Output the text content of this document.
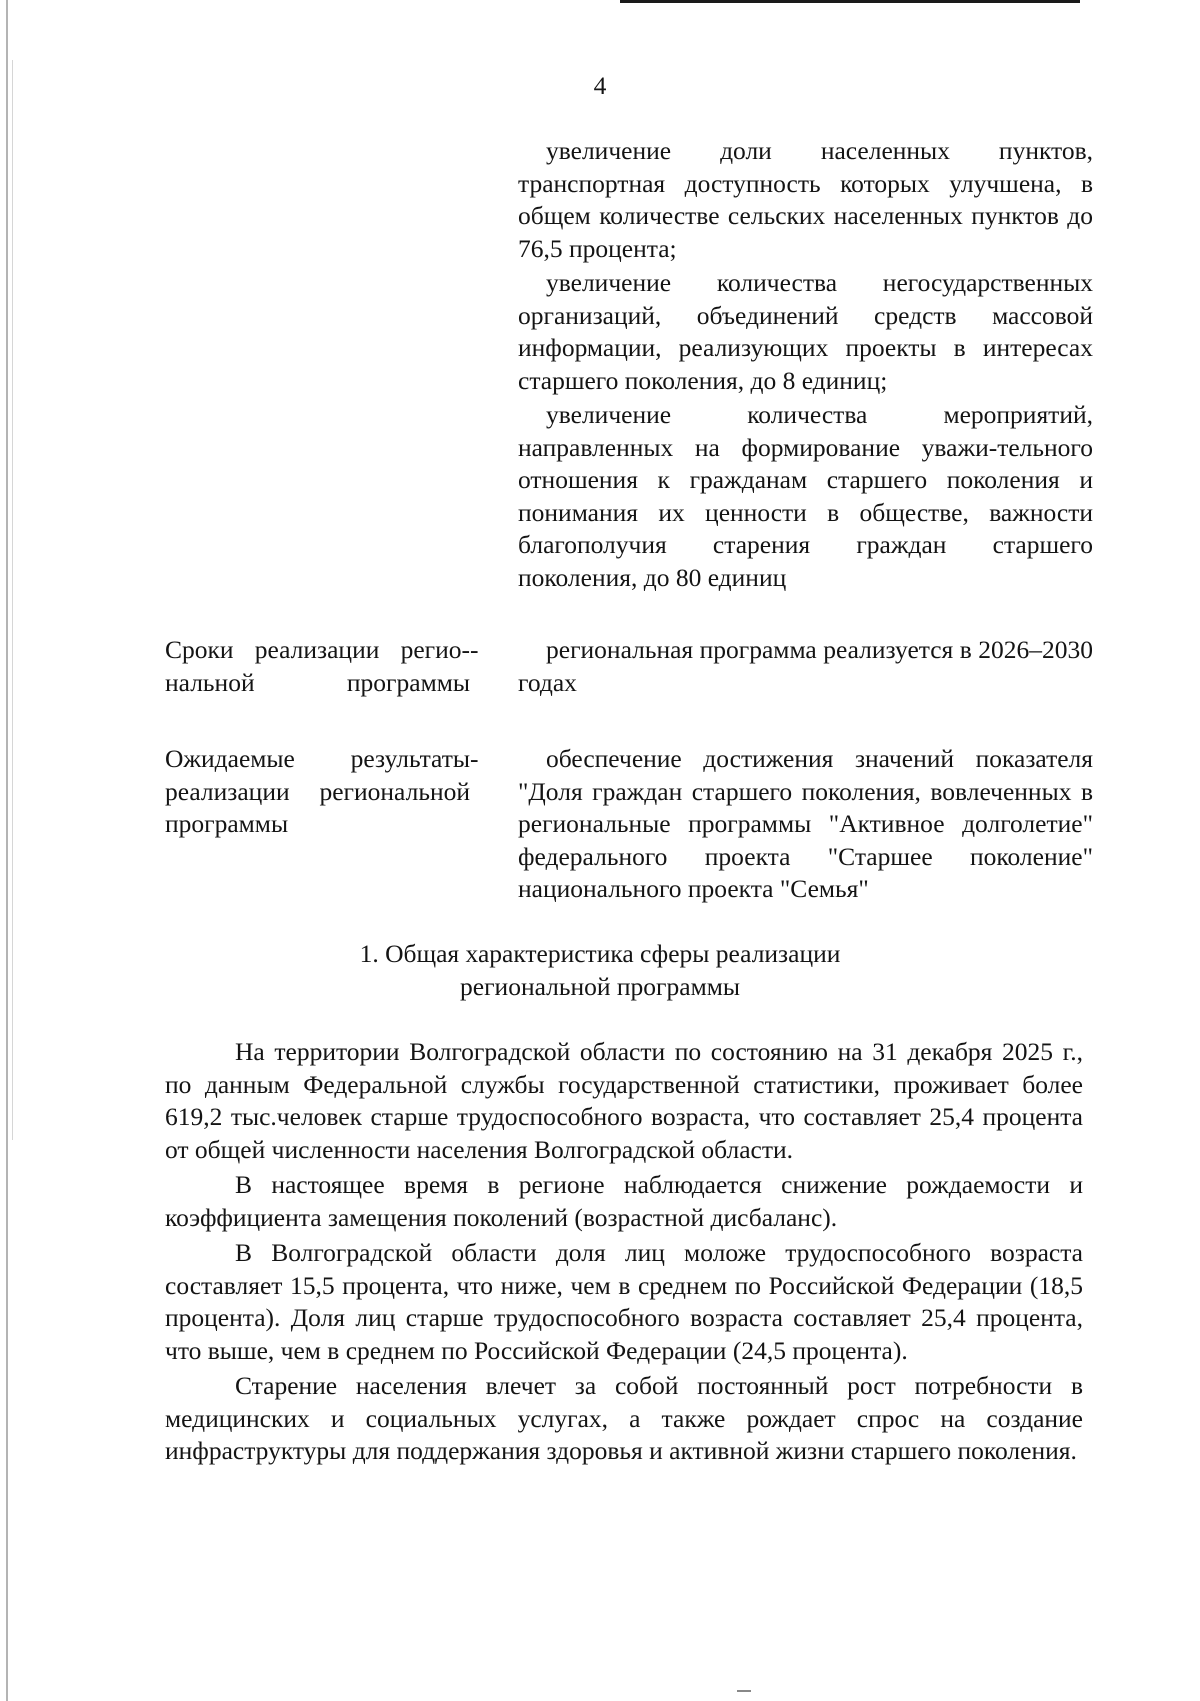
4

увеличение доли населенных пунктов, транспортная доступность которых улучшена, в общем количестве сельских населенных пунктов до 76,5 процента;

увеличение количества негосударственных организаций, объединений средств массовой информации, реализующих проекты в интересах старшего поколения, до 8 единиц;

увеличение количества мероприятий, направленных на формирование уважи-тельного отношения к гражданам старшего поколения и понимания их ценности в обществе, важности благополучия старения граждан старшего поколения, до 80 единиц

Сроки реализации регио-нальной программы
-	региональная программа реализуется в 2026–2030 годах

Ожидаемые результаты реализации региональной программы
-	обеспечение достижения значений показателя "Доля граждан старшего поколения, вовлеченных в региональные программы "Активное долголетие" федерального проекта "Старшее поколение" национального проекта "Семья"

1. Общая характеристика сферы реализации
региональной программы

На территории Волгоградской области по состоянию на 31 декабря 2025 г., по данным Федеральной службы государственной статистики, проживает более 619,2 тыс.человек старше трудоспособного возраста, что составляет 25,4 процента от общей численности населения Волгоградской области.

В настоящее время в регионе наблюдается снижение рождаемости и коэффициента замещения поколений (возрастной дисбаланс).

В Волгоградской области доля лиц моложе трудоспособного возраста составляет 15,5 процента, что ниже, чем в среднем по Российской Федерации (18,5 процента). Доля лиц старше трудоспособного возраста составляет 25,4 процента, что выше, чем в среднем по Российской Федерации (24,5 процента).

Старение населения влечет за собой постоянный рост потребности в медицинских и социальных услугах, а также рождает спрос на создание инфраструктуры для поддержания здоровья и активной жизни старшего поколения.
